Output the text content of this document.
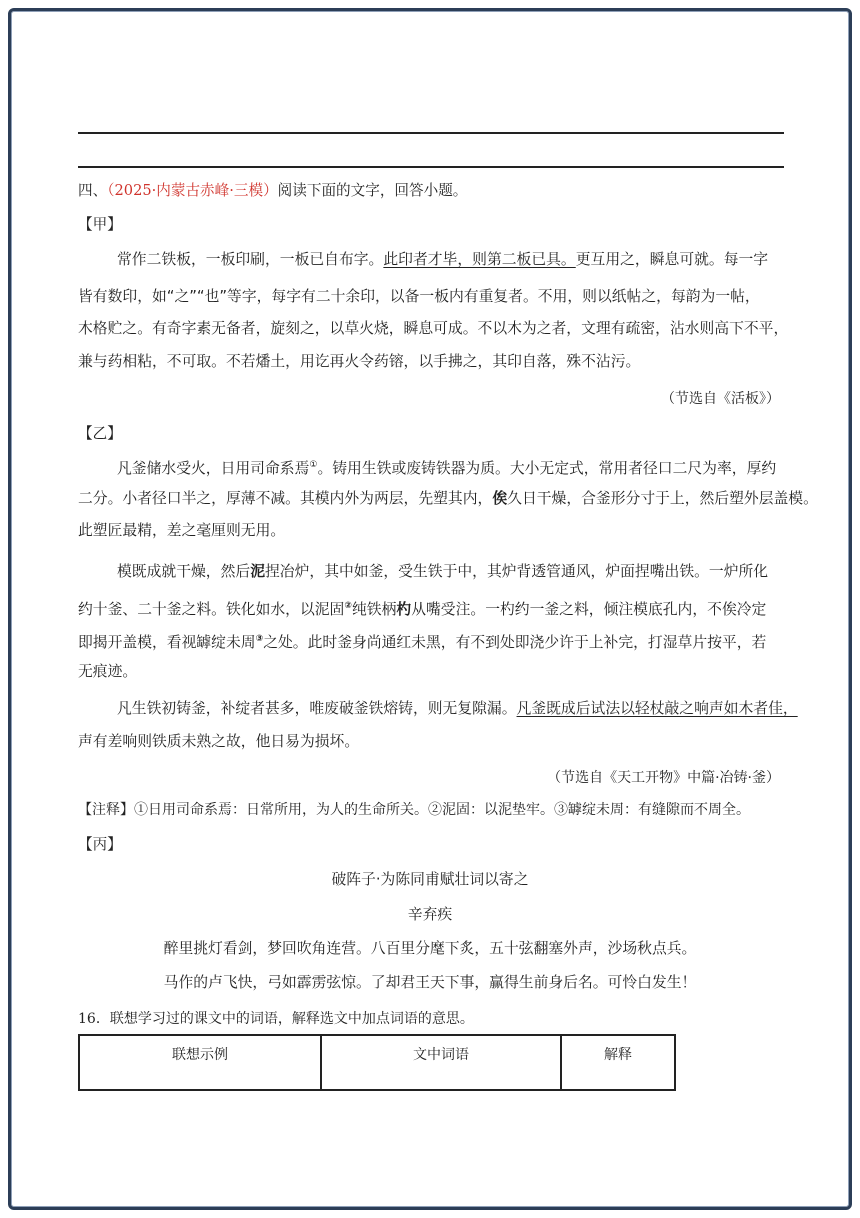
四、（2025·内蒙古赤峰·三模）阅读下面的文字，回答小题。
【甲】
常作二铁板，一板印刷，一板已自布字。此印者才毕，则第二板已具。更互用之，瞬息可就。每一字
皆有数印，如“之”“也”等字，每字有二十余印，以备一板内有重复者。不用，则以纸帖之，每韵为一帖，
木格贮之。有奇字素无备者，旋刻之，以草火烧，瞬息可成。不以木为之者，文理有疏密，沾水则高下不平，
兼与药相粘，不可取。不若燔土，用讫再火令药镕，以手拂之，其印自落，殊不沾污。
（节选自《活板》）
【乙】
凡釜储水受火，日用司命系焉①。铸用生铁或废铸铁器为质。大小无定式，常用者径口二尺为率，厚约
二分。小者径口半之，厚薄不减。其模内外为两层，先塑其内，俟久日干燥，合釜形分寸于上，然后塑外层盖模。
此塑匠最精，差之毫厘则无用。
模既成就干燥，然后泥捏冶炉，其中如釜，受生铁于中，其炉背透管通风，炉面捏嘴出铁。一炉所化
约十釜、二十釜之料。铁化如水，以泥固②纯铁柄杓从嘴受注。一杓约一釜之料，倾注模底孔内，不俟冷定
即揭开盖模，看视罅绽未周③之处。此时釜身尚通红未黑，有不到处即浇少许于上补完，打湿草片按平，若
无痕迹。
凡生铁初铸釜，补绽者甚多，唯废破釜铁熔铸，则无复隙漏。凡釜既成后试法以轻杖敲之响声如木者佳，
声有差响则铁质未熟之故，他日易为损坏。
（节选自《天工开物》中篇·冶铸·釜）
【注释】①日用司命系焉：日常所用，为人的生命所关。②泥固：以泥垫牢。③罅绽未周：有缝隙而不周全。
【丙】
破阵子·为陈同甫赋壮词以寄之
辛弃疾
醉里挑灯看剑，梦回吹角连营。八百里分麾下炙，五十弦翻塞外声，沙场秋点兵。
马作的卢飞快，弓如霹雳弦惊。了却君王天下事，赢得生前身后名。可怜白发生！
16．联想学习过的课文中的词语，解释选文中加点词语的意思。
联想示例	文中词语	解释
